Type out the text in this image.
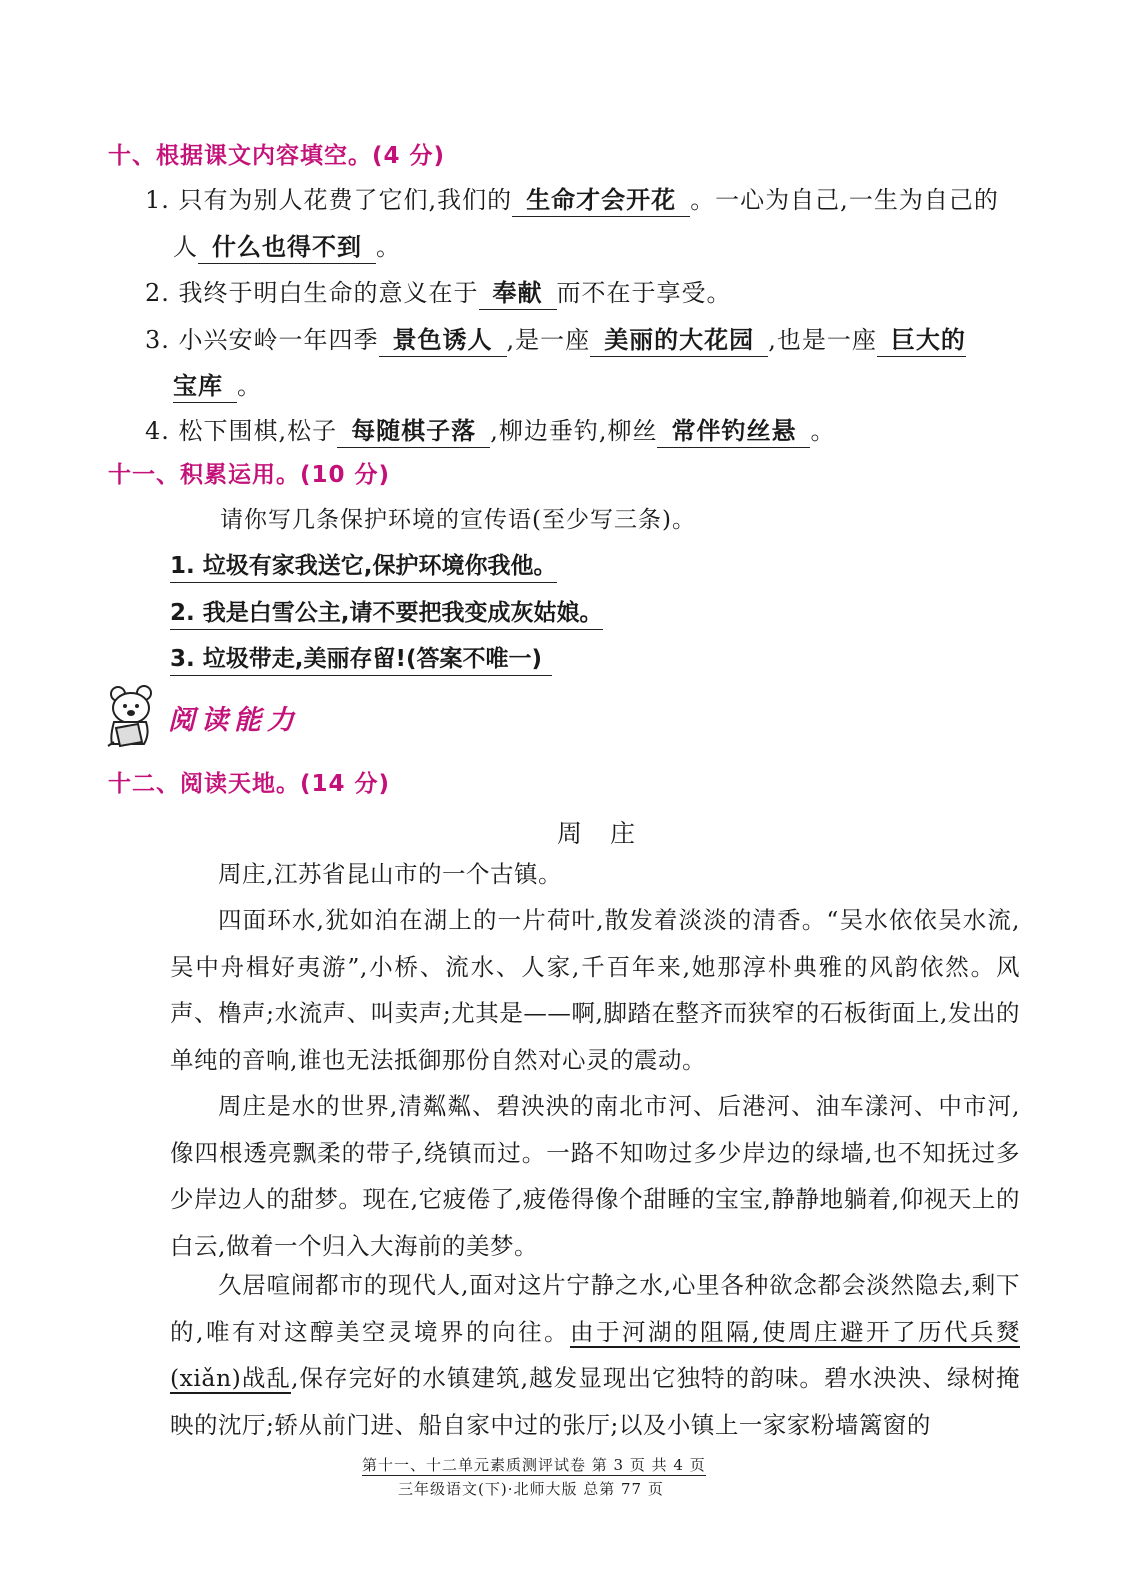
十、根据课文内容填空。(4 分)
1. 只有为别人花费了它们,我们的 生命才会开花 。一心为自己,一生为自己的
人 什么也得不到 。
2. 我终于明白生命的意义在于 奉献 而不在于享受。
3. 小兴安岭一年四季 景色诱人 ,是一座 美丽的大花园 ,也是一座 巨大的
宝库 。
4. 松下围棋,松子 每随棋子落 ,柳边垂钓,柳丝 常伴钓丝悬 。
十一、积累运用。(10 分)
请你写几条保护环境的宣传语(至少写三条)。
1. 垃圾有家我送它,保护环境你我他。
2. 我是白雪公主,请不要把我变成灰姑娘。
3. 垃圾带走,美丽存留!(答案不唯一)
阅读能力
十二、阅读天地。(14 分)
周庄
周庄,江苏省昆山市的一个古镇。
四面环水,犹如泊在湖上的一片荷叶,散发着淡淡的清香。“吴水依依吴水流,吴中舟楫好夷游”,小桥、流水、人家,千百年来,她那淳朴典雅的风韵依然。风声、橹声;水流声、叫卖声;尤其是——啊,脚踏在整齐而狭窄的石板街面上,发出的单纯的音响,谁也无法抵御那份自然对心灵的震动。
周庄是水的世界,清粼粼、碧泱泱的南北市河、后港河、油车漾河、中市河,像四根透亮飘柔的带子,绕镇而过。一路不知吻过多少岸边的绿墙,也不知抚过多少岸边人的甜梦。现在,它疲倦了,疲倦得像个甜睡的宝宝,静静地躺着,仰视天上的白云,做着一个归入大海前的美梦。
久居喧闹都市的现代人,面对这片宁静之水,心里各种欲念都会淡然隐去,剩下的,唯有对这醇美空灵境界的向往。由于河湖的阻隔,使周庄避开了历代兵燹(xiǎn)战乱,保存完好的水镇建筑,越发显现出它独特的韵味。碧水泱泱、绿树掩映的沈厅;轿从前门进、船自家中过的张厅;以及小镇上一家家粉墙篱窗的
第十一、十二单元素质测评试卷 第 3 页 共 4 页
三年级语文(下)·北师大版 总第 77 页
